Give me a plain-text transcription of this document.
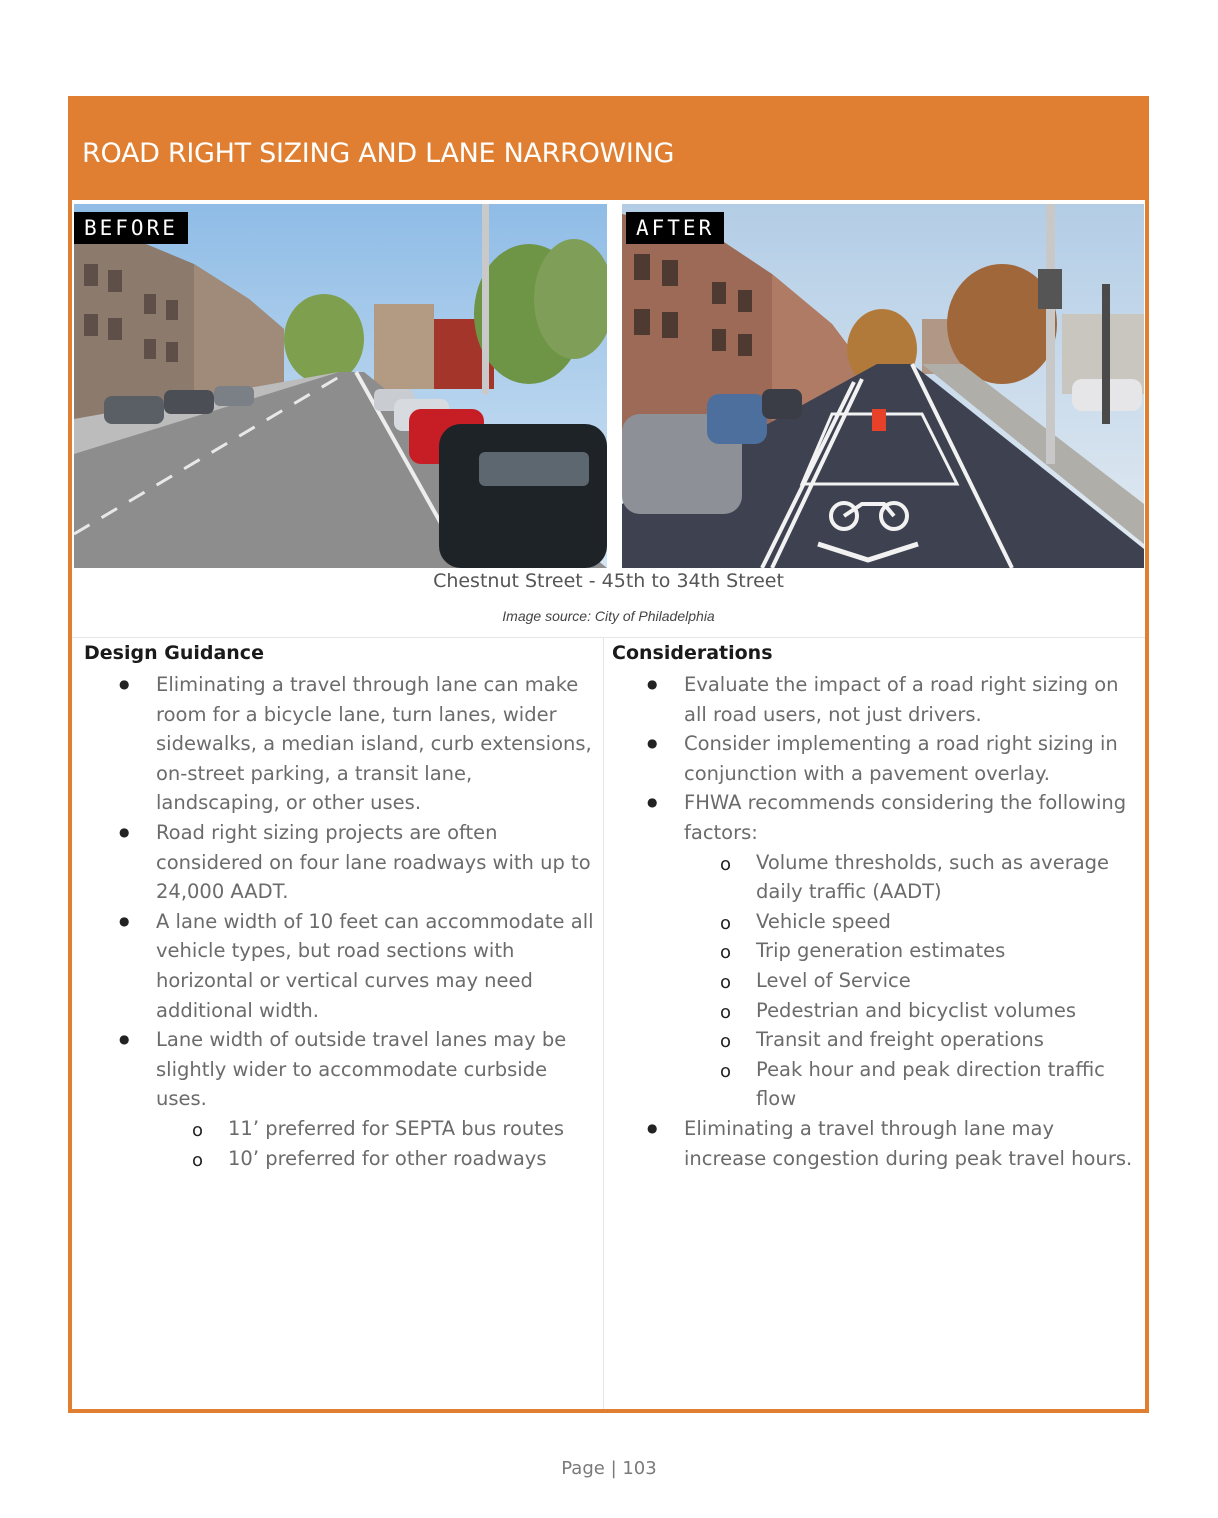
ROAD RIGHT SIZING AND LANE NARROWING
BEFORE	AFTER
Chestnut Street - 45th to 34th Street
Image source: City of Philadelphia
Design Guidance
● Eliminating a travel through lane can make room for a bicycle lane, turn lanes, wider sidewalks, a median island, curb extensions, on-street parking, a transit lane, landscaping, or other uses.
● Road right sizing projects are often considered on four lane roadways with up to 24,000 AADT.
● A lane width of 10 feet can accommodate all vehicle types, but road sections with horizontal or vertical curves may need additional width.
● Lane width of outside travel lanes may be slightly wider to accommodate curbside uses.
o 11’ preferred for SEPTA bus routes
o 10’ preferred for other roadways
Considerations
● Evaluate the impact of a road right sizing on all road users, not just drivers.
● Consider implementing a road right sizing in conjunction with a pavement overlay.
● FHWA recommends considering the following factors:
o Volume thresholds, such as average daily traffic (AADT)
o Vehicle speed
o Trip generation estimates
o Level of Service
o Pedestrian and bicyclist volumes
o Transit and freight operations
o Peak hour and peak direction traffic flow
● Eliminating a travel through lane may increase congestion during peak travel hours.
Page | 103
